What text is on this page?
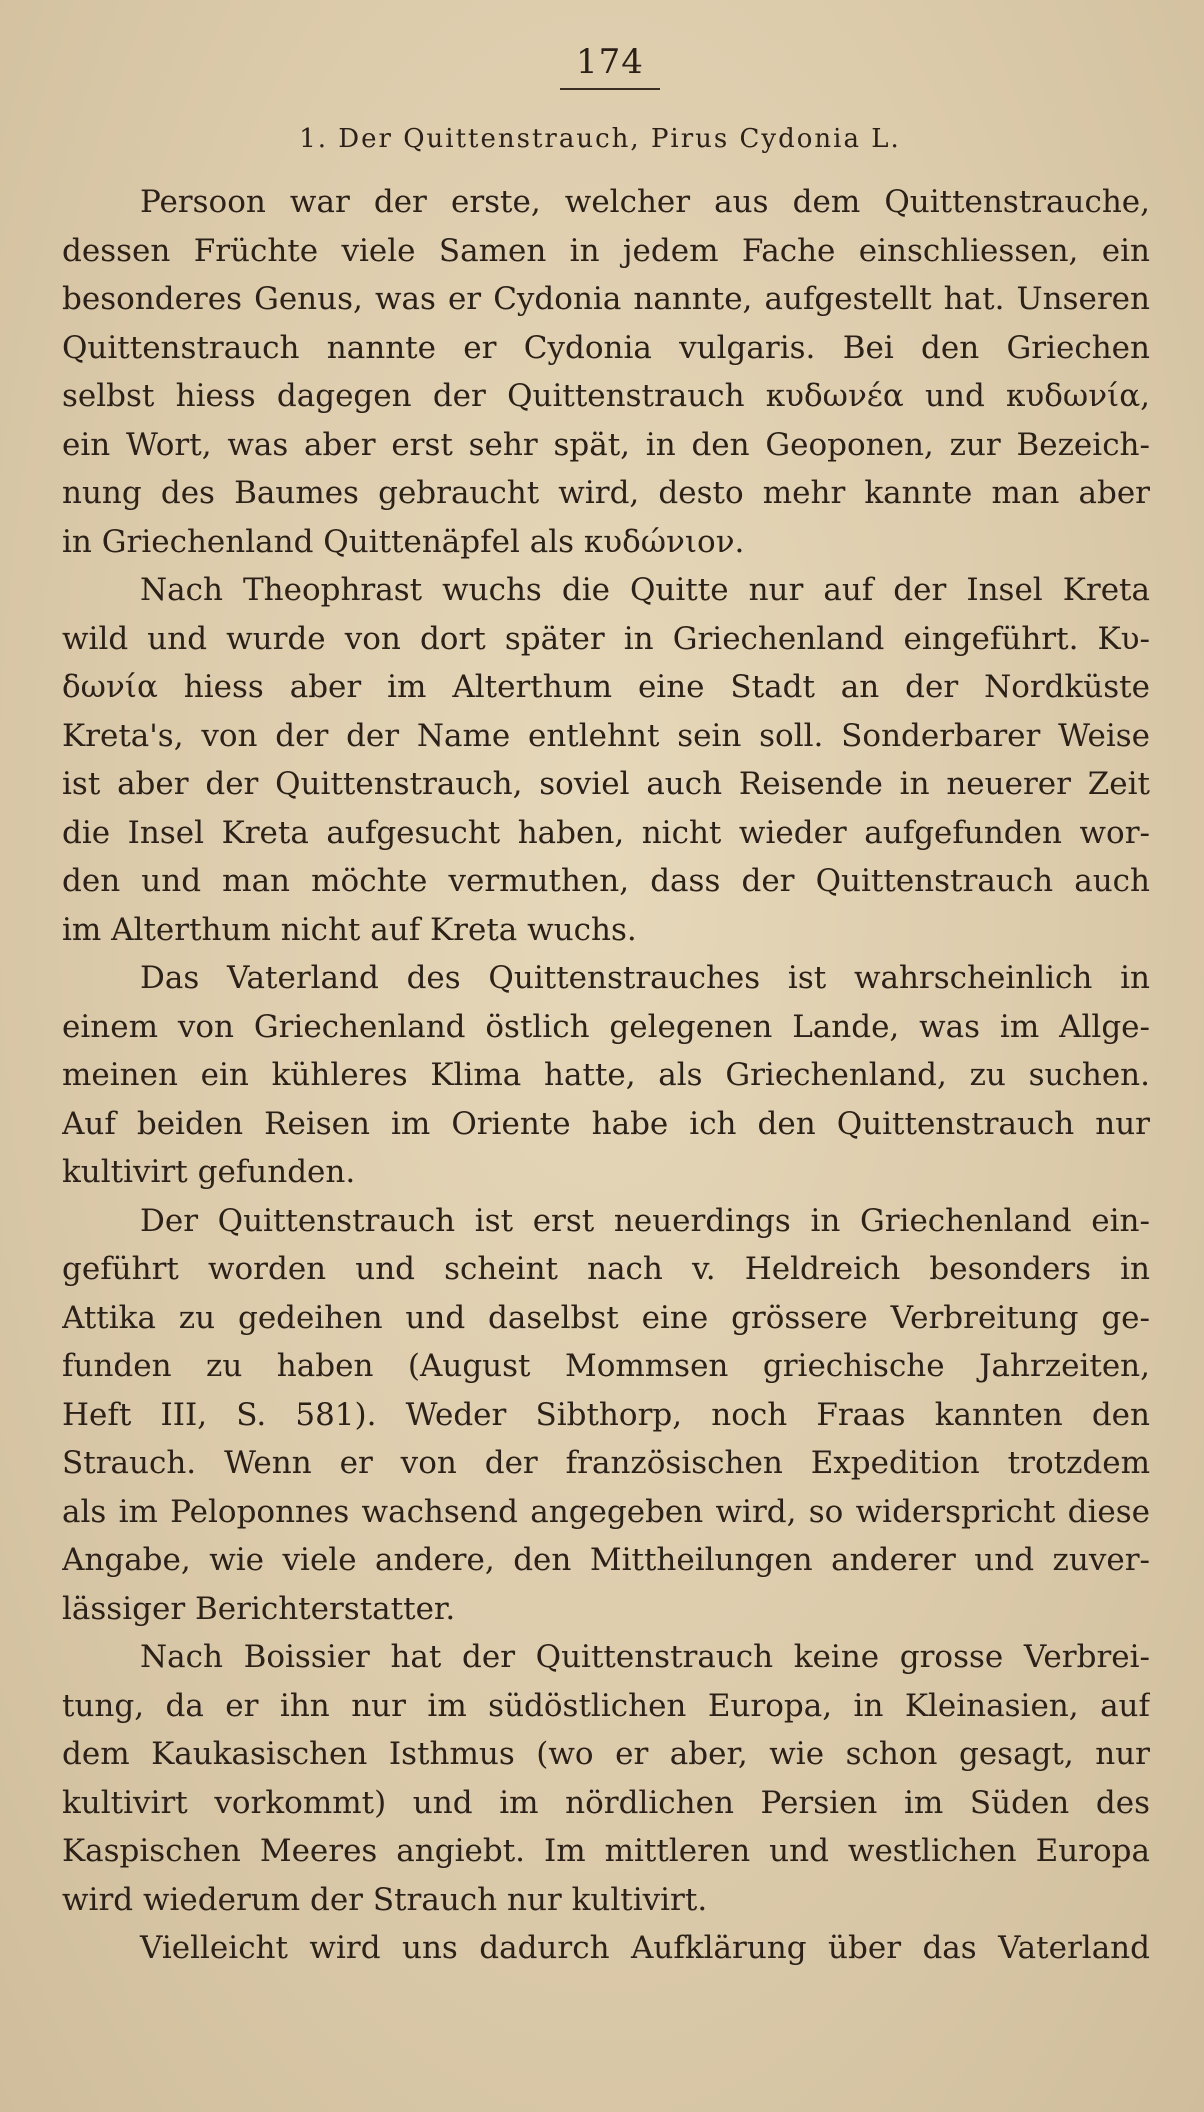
174
1. Der Quittenstrauch, Pirus Cydonia L.
Persoon war der erste, welcher aus dem Quittenstrauche,
dessen Früchte viele Samen in jedem Fache einschliessen, ein
besonderes Genus, was er Cydonia nannte, aufgestellt hat. Unseren
Quittenstrauch nannte er Cydonia vulgaris. Bei den Griechen
selbst hiess dagegen der Quittenstrauch κυδωνέα und κυδωνία,
ein Wort, was aber erst sehr spät, in den Geoponen, zur Bezeich-
nung des Baumes gebraucht wird, desto mehr kannte man aber
in Griechenland Quittenäpfel als κυδώνιον.
Nach Theophrast wuchs die Quitte nur auf der Insel Kreta
wild und wurde von dort später in Griechenland eingeführt. Κυ-
δωνία hiess aber im Alterthum eine Stadt an der Nordküste
Kreta's, von der der Name entlehnt sein soll. Sonderbarer Weise
ist aber der Quittenstrauch, soviel auch Reisende in neuerer Zeit
die Insel Kreta aufgesucht haben, nicht wieder aufgefunden wor-
den und man möchte vermuthen, dass der Quittenstrauch auch
im Alterthum nicht auf Kreta wuchs.
Das Vaterland des Quittenstrauches ist wahrscheinlich in
einem von Griechenland östlich gelegenen Lande, was im Allge-
meinen ein kühleres Klima hatte, als Griechenland, zu suchen.
Auf beiden Reisen im Oriente habe ich den Quittenstrauch nur
kultivirt gefunden.
Der Quittenstrauch ist erst neuerdings in Griechenland ein-
geführt worden und scheint nach v. Heldreich besonders in
Attika zu gedeihen und daselbst eine grössere Verbreitung ge-
funden zu haben (August Mommsen griechische Jahrzeiten,
Heft III, S. 581). Weder Sibthorp, noch Fraas kannten den
Strauch. Wenn er von der französischen Expedition trotzdem
als im Peloponnes wachsend angegeben wird, so widerspricht diese
Angabe, wie viele andere, den Mittheilungen anderer und zuver-
lässiger Berichterstatter.
Nach Boissier hat der Quittenstrauch keine grosse Verbrei-
tung, da er ihn nur im südöstlichen Europa, in Kleinasien, auf
dem Kaukasischen Isthmus (wo er aber, wie schon gesagt, nur
kultivirt vorkommt) und im nördlichen Persien im Süden des
Kaspischen Meeres angiebt. Im mittleren und westlichen Europa
wird wiederum der Strauch nur kultivirt.
Vielleicht wird uns dadurch Aufklärung über das Vaterland
